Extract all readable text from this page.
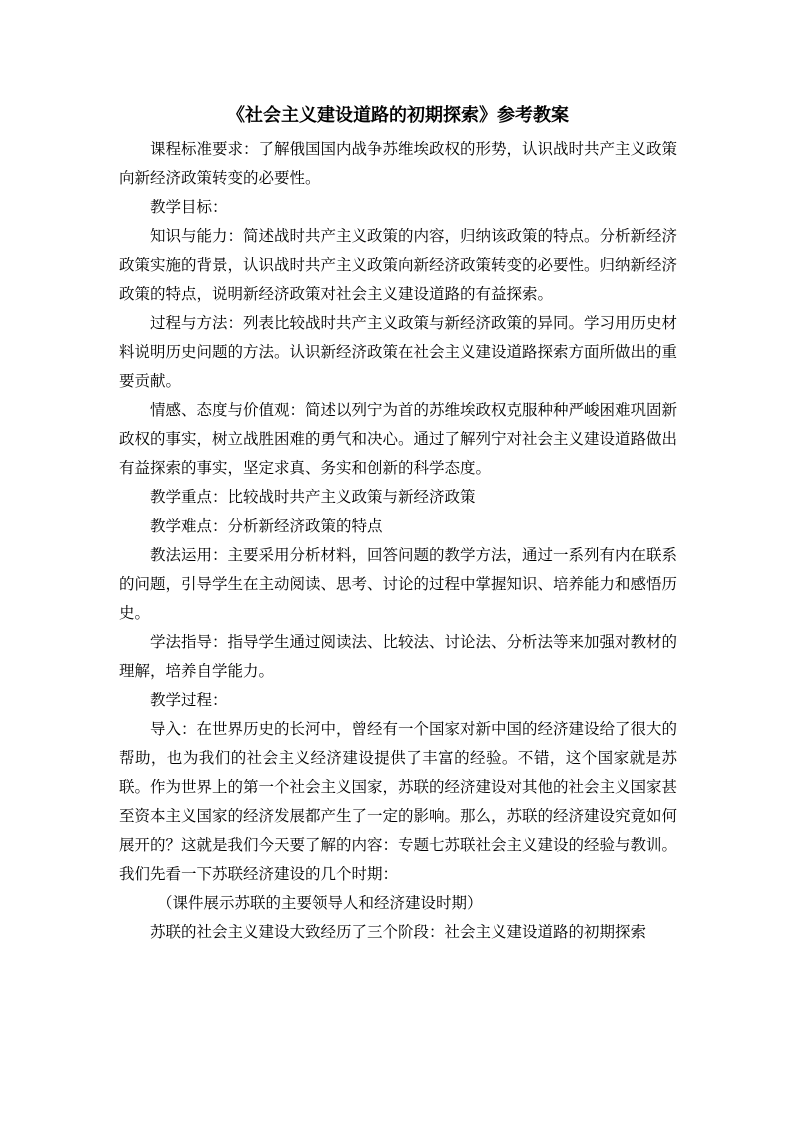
《社会主义建设道路的初期探索》参考教案

课程标准要求：了解俄国国内战争苏维埃政权的形势，认识战时共产主义政策向新经济政策转变的必要性。

教学目标：

知识与能力：简述战时共产主义政策的内容，归纳该政策的特点。分析新经济政策实施的背景，认识战时共产主义政策向新经济政策转变的必要性。归纳新经济政策的特点，说明新经济政策对社会主义建设道路的有益探索。

过程与方法：列表比较战时共产主义政策与新经济政策的异同。学习用历史材料说明历史问题的方法。认识新经济政策在社会主义建设道路探索方面所做出的重要贡献。

情感、态度与价值观：简述以列宁为首的苏维埃政权克服种种严峻困难巩固新政权的事实，树立战胜困难的勇气和决心。通过了解列宁对社会主义建设道路做出有益探索的事实，坚定求真、务实和创新的科学态度。

教学重点：比较战时共产主义政策与新经济政策

教学难点：分析新经济政策的特点

教法运用：主要采用分析材料，回答问题的教学方法，通过一系列有内在联系的问题，引导学生在主动阅读、思考、讨论的过程中掌握知识、培养能力和感悟历史。

学法指导：指导学生通过阅读法、比较法、讨论法、分析法等来加强对教材的理解，培养自学能力。

教学过程：

导入：在世界历史的长河中，曾经有一个国家对新中国的经济建设给了很大的帮助，也为我们的社会主义经济建设提供了丰富的经验。不错，这个国家就是苏联。作为世界上的第一个社会主义国家，苏联的经济建设对其他的社会主义国家甚至资本主义国家的经济发展都产生了一定的影响。那么，苏联的经济建设究竟如何展开的？这就是我们今天要了解的内容：专题七苏联社会主义建设的经验与教训。我们先看一下苏联经济建设的几个时期：

（课件展示苏联的主要领导人和经济建设时期）

苏联的社会主义建设大致经历了三个阶段：社会主义建设道路的初期探索
